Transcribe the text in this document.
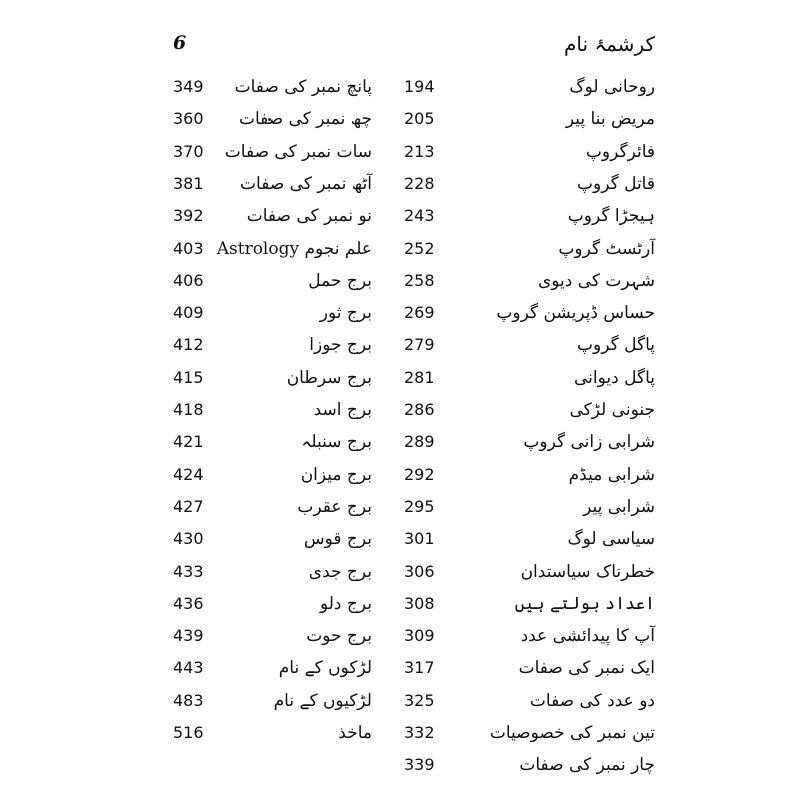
6	کرشمۂ نام
روحانی لوگ
194
مریض بنا پیر
205
فائرگروپ
213
قاتل گروپ
228
ہیجڑا گروپ
243
آرٹسٹ گروپ
252
شہرت کی دیوی
258
حساس ڈپریشن گروپ
269
پاگل گروپ
279
پاگل دیوانی
281
جنونی لڑکی
286
شرابی زانی گروپ
289
شرابی میڈم
292
شرابی پیر
295
سیاسی لوگ
301
خطرناک سیاستدان
306
اعداد بولتے ہیں
308
آپ کا پیدائشی عدد
309
ایک نمبر کی صفات
317
دو عدد کی صفات
325
تین نمبر کی خصوصیات
332
چار نمبر کی صفات
339
پانچ نمبر کی صفات
349
چھ نمبر کی صفات
360
سات نمبر کی صفات
370
آٹھ نمبر کی صفات
381
نو نمبر کی صفات
392
علم نجوم Astrology
403
برج حمل
406
برج ثور
409
برج جوزا
412
برج سرطان
415
برج اسد
418
برج سنبلہ
421
برج میزان
424
برج عقرب
427
برج قوس
430
برج جدی
433
برج دلو
436
برج حوت
439
لڑکوں کے نام
443
لڑکیوں کے نام
483
ماخذ
516
